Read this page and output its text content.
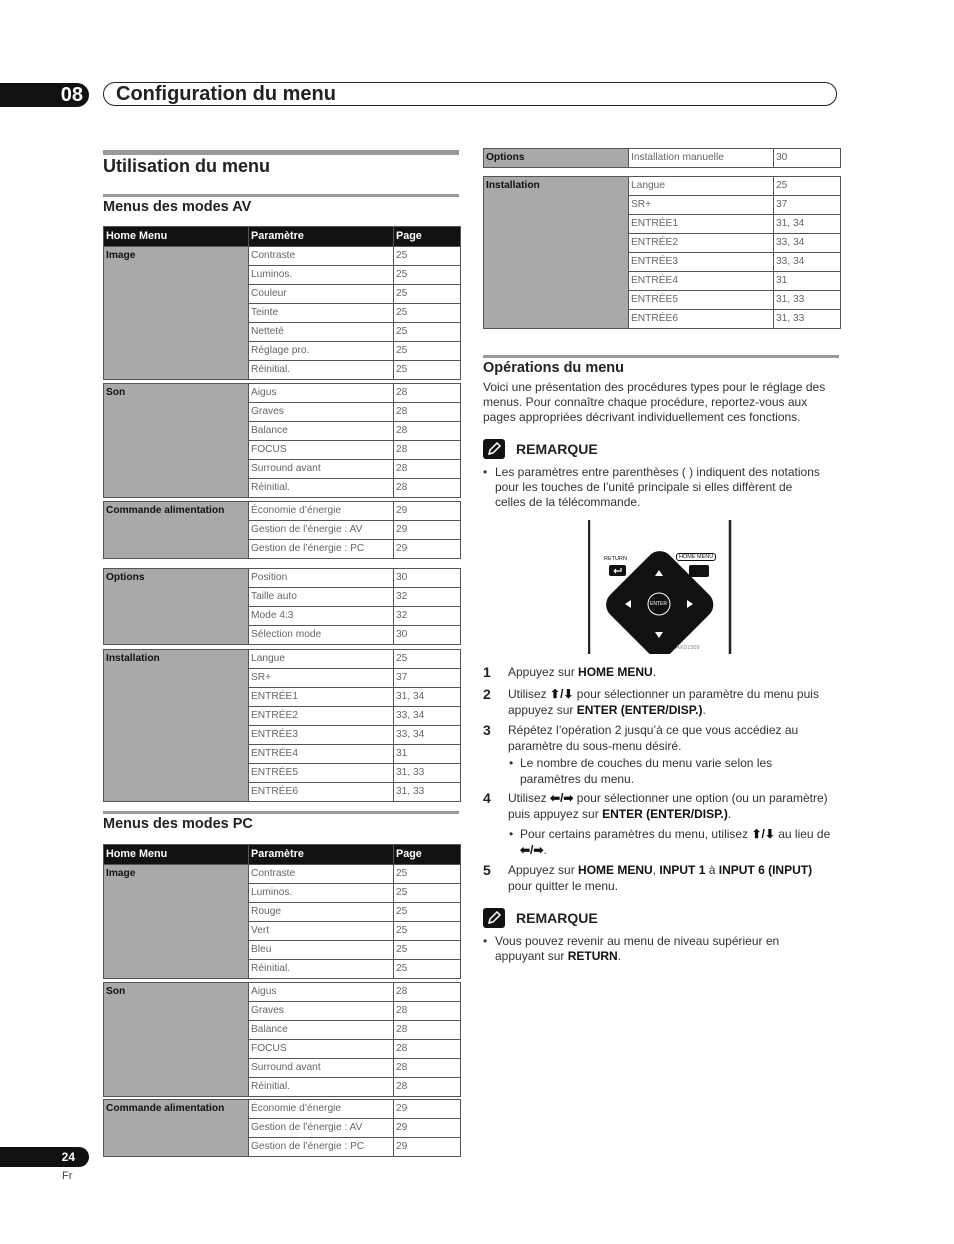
08	Configuration du menu
Utilisation du menu
Menus des modes AV
Home Menu	Paramètre	Page
Image	Contraste	25
	Luminos.	25
	Couleur	25
	Teinte	25
	Netteté	25
	Réglage pro.	25
	Réinitial.	25
Son	Aigus	28
	Graves	28
	Balance	28
	FOCUS	28
	Surround avant	28
	Réinitial.	28
Commande alimentation	Économie d’énergie	29
	Gestion de l’énergie : AV	29
	Gestion de l’énergie : PC	29
Options	Position	30
	Taille auto	32
	Mode 4:3	32
	Sélection mode	30
Installation	Langue	25
	SR+	37
	ENTRÉE1	31, 34
	ENTRÉE2	33, 34
	ENTRÉE3	33, 34
	ENTRÉE4	31
	ENTRÉE5	31, 33
	ENTRÉE6	31, 33
Menus des modes PC
Home Menu	Paramètre	Page
Image	Contraste	25
	Luminos.	25
	Rouge	25
	Vert	25
	Bleu	25
	Réinitial.	25
Son	Aigus	28
	Graves	28
	Balance	28
	FOCUS	28
	Surround avant	28
	Réinitial.	28
Commande alimentation	Économie d’énergie	29
	Gestion de l’énergie : AV	29
	Gestion de l’énergie : PC	29
Options	Installation manuelle	30
Installation	Langue	25
	SR+	37
	ENTRÉE1	31, 34
	ENTRÉE2	33, 34
	ENTRÉE3	33, 34
	ENTRÉE4	31
	ENTRÉE5	31, 33
	ENTRÉE6	31, 33
Opérations du menu
Voici une présentation des procédures types pour le réglage des menus. Pour connaître chaque procédure, reportez-vous aux pages appropriées décrivant individuellement ces fonctions.
REMARQUE
• Les paramètres entre parenthèses ( ) indiquent des notations pour les touches de l’unité principale si elles diffèrent de celles de la télécommande.
RETURN	HOME MENU
ENTER
AXD1509
1 Appuyez sur HOME MENU.
2 Utilisez ⬆/⬇ pour sélectionner un paramètre du menu puis appuyez sur ENTER (ENTER/DISP.).
3 Répétez l’opération 2 jusqu’à ce que vous accédiez au paramètre du sous-menu désiré.
• Le nombre de couches du menu varie selon les paramètres du menu.
4 Utilisez ⬅/➡ pour sélectionner une option (ou un paramètre) puis appuyez sur ENTER (ENTER/DISP.).
• Pour certains paramètres du menu, utilisez ⬆/⬇ au lieu de ⬅/➡.
5 Appuyez sur HOME MENU, INPUT 1 à INPUT 6 (INPUT) pour quitter le menu.
REMARQUE
• Vous pouvez revenir au menu de niveau supérieur en appuyant sur RETURN.
24
Fr
